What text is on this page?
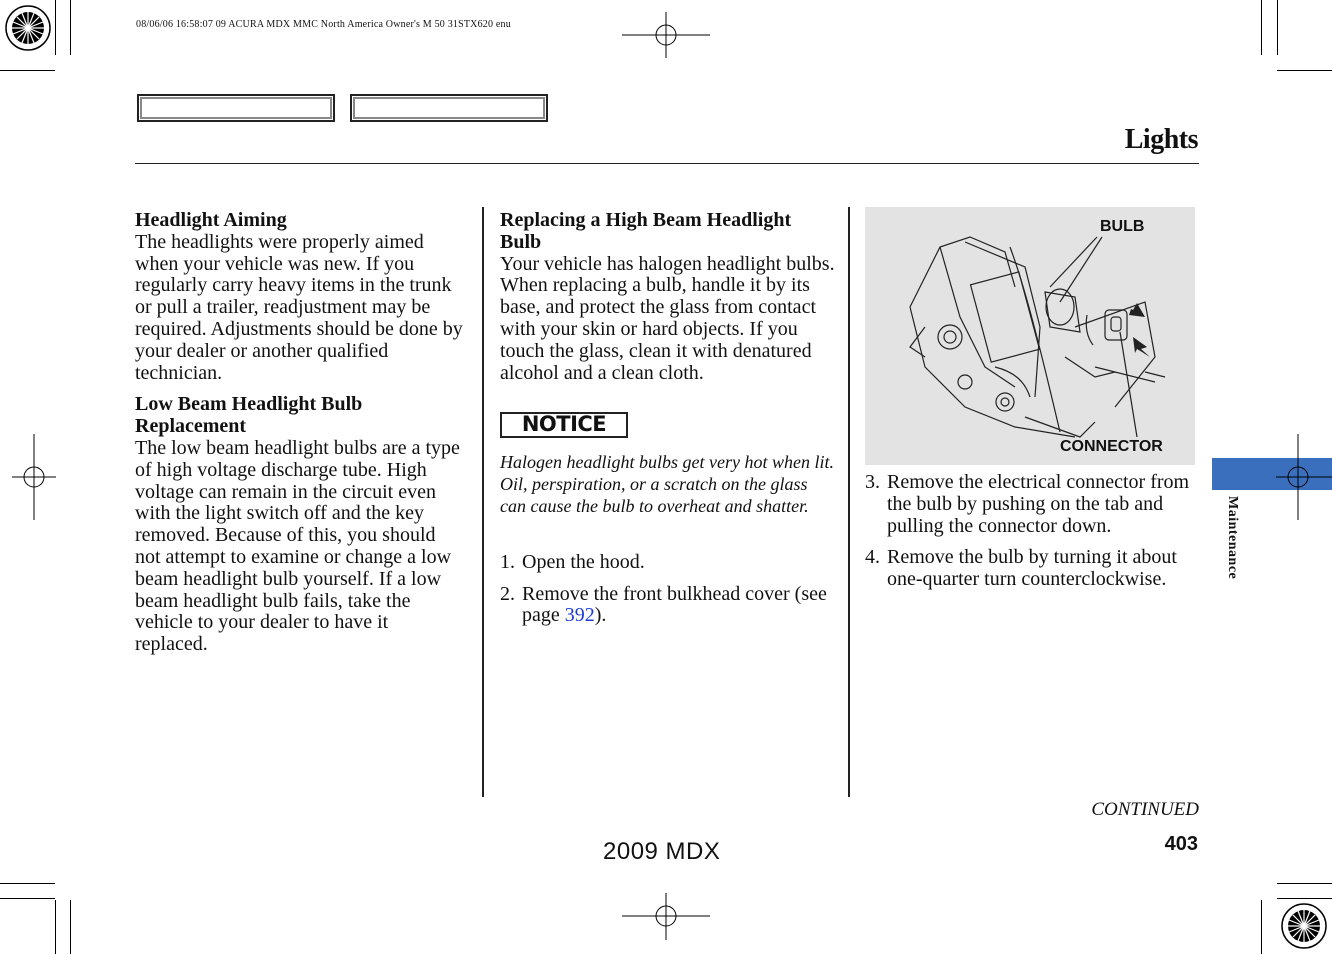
08/06/06 16:58:07 09 ACURA MDX MMC North America Owner's M 50 31STX620 enu
Lights
Headlight Aiming

The headlights were properly aimed when your vehicle was new. If you regularly carry heavy items in the trunk or pull a trailer, readjustment may be required. Adjustments should be done by your dealer or another qualified technician.

Low Beam Headlight Bulb
Replacement

The low beam headlight bulbs are a type of high voltage discharge tube. High voltage can remain in the circuit even with the light switch off and the key removed. Because of this, you should not attempt to examine or change a low beam headlight bulb yourself. If a low beam headlight bulb fails, take the vehicle to your dealer to have it replaced.

Replacing a High Beam Headlight
Bulb

Your vehicle has halogen headlight bulbs. When replacing a bulb, handle it by its base, and protect the glass from contact with your skin or hard objects. If you touch the glass, clean it with denatured alcohol and a clean cloth.

NOTICE

Halogen headlight bulbs get very hot when lit. Oil, perspiration, or a scratch on the glass can cause the bulb to overheat and shatter.

1. Open the hood.
2. Remove the front bulkhead cover (see page 392).
BULB
CONNECTOR
3. Remove the electrical connector from the bulb by pushing on the tab and pulling the connector down.
4. Remove the bulb by turning it about one-quarter turn counterclockwise.	Maintenance
CONTINUED
403
2009 MDX
